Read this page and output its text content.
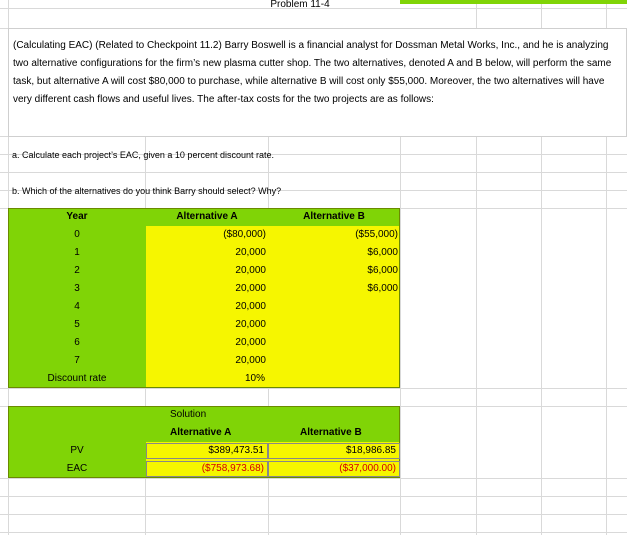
Problem 11-4
(Calculating EAC) (Related to Checkpoint 11.2) Barry Boswell is a financial analyst for Dossman Metal Works, Inc., and he is analyzing two alternative configurations for the firm’s new plasma cutter shop. The two alternatives, denoted A and B below, will perform the same task, but alternative A will cost $80,000 to purchase, while alternative B will cost only $55,000. Moreover, the two alternatives will have very different cash flows and useful lives. The after-tax costs for the two projects are as follows:
a. Calculate each project’s EAC, given a 10 percent discount rate.
b. Which of the alternatives do you think Barry should select? Why?
Year	Alternative A	Alternative B
0	($80,000)	($55,000)
1	20,000	$6,000
2	20,000	$6,000
3	20,000	$6,000
4	20,000
5	20,000
6	20,000
7	20,000
Discount rate	10%
Solution
Alternative A	Alternative B
PV	$389,473.51	$18,986.85
EAC	($758,973.68)	($37,000.00)
